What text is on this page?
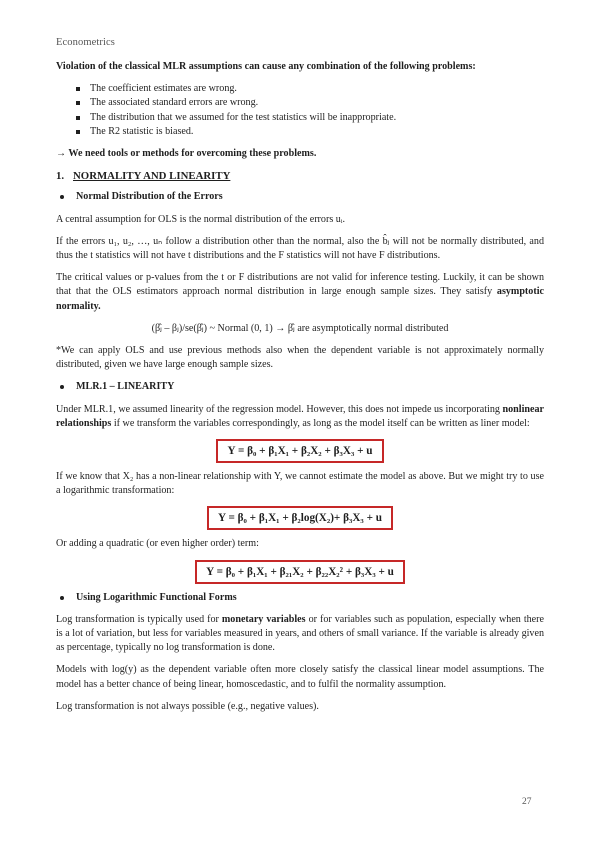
Econometrics

Violation of the classical MLR assumptions can cause any combination of the following problems:

The coefficient estimates are wrong.
The associated standard errors are wrong.
The distribution that we assumed for the test statistics will be inappropriate.
The R2 statistic is biased.

→ We need tools or methods for overcoming these problems.

1. NORMALITY AND LINEARITY
Normal Distribution of the Errors

A central assumption for OLS is the normal distribution of the errors uᵢ.

If the errors u₁, u₂, …, uₙ follow a distribution other than the normal, also the b̂ⱼ will not be normally distributed, and thus the t statistics will not have t distributions and the F statistics will not have F distributions.

The critical values or p-values from the t or F distributions are not valid for inference testing. Luckily, it can be shown that that the OLS estimators approach normal distribution in large enough sample sizes. They satisfy asymptotic normality.

(β̂ⱼ – βⱼ)/se(β̂ⱼ) ~ Normal (0, 1) → β̂ⱼ are asymptotically normal distributed

*We can apply OLS and use previous methods also when the dependent variable is not approximately normally distributed, given we have large enough sample sizes.

MLR.1 – LINEARITY

Under MLR.1, we assumed linearity of the regression model. However, this does not impede us incorporating nonlinear relationships if we transform the variables correspondingly, as long as the model itself can be written as liner model:

Y = β₀ + β₁X₁ + β₂X₂ + β₃X₃ + u

If we know that X₂ has a non-linear relationship with Y, we cannot estimate the model as above. But we might try to use a logarithmic transformation:

Y = β₀ + β₁X₁ + β₂log(X₂)+ β₃X₃ + u

Or adding a quadratic (or even higher order) term:

Y = β₀ + β₁X₁ + β₂₁X₂ + β₂₂X₂² + β₃X₃ + u
Using Logarithmic Functional Forms

Log transformation is typically used for monetary variables or for variables such as population, especially when there is a lot of variation, but less for variables measured in years, and others of small variance. If the variable is already given as percentage, typically no log transformation is done.

Models with log(y) as the dependent variable often more closely satisfy the classical linear model assumptions. The model has a better chance of being linear, homoscedastic, and to fulfil the normality assumption.

Log transformation is not always possible (e.g., negative values).

27
